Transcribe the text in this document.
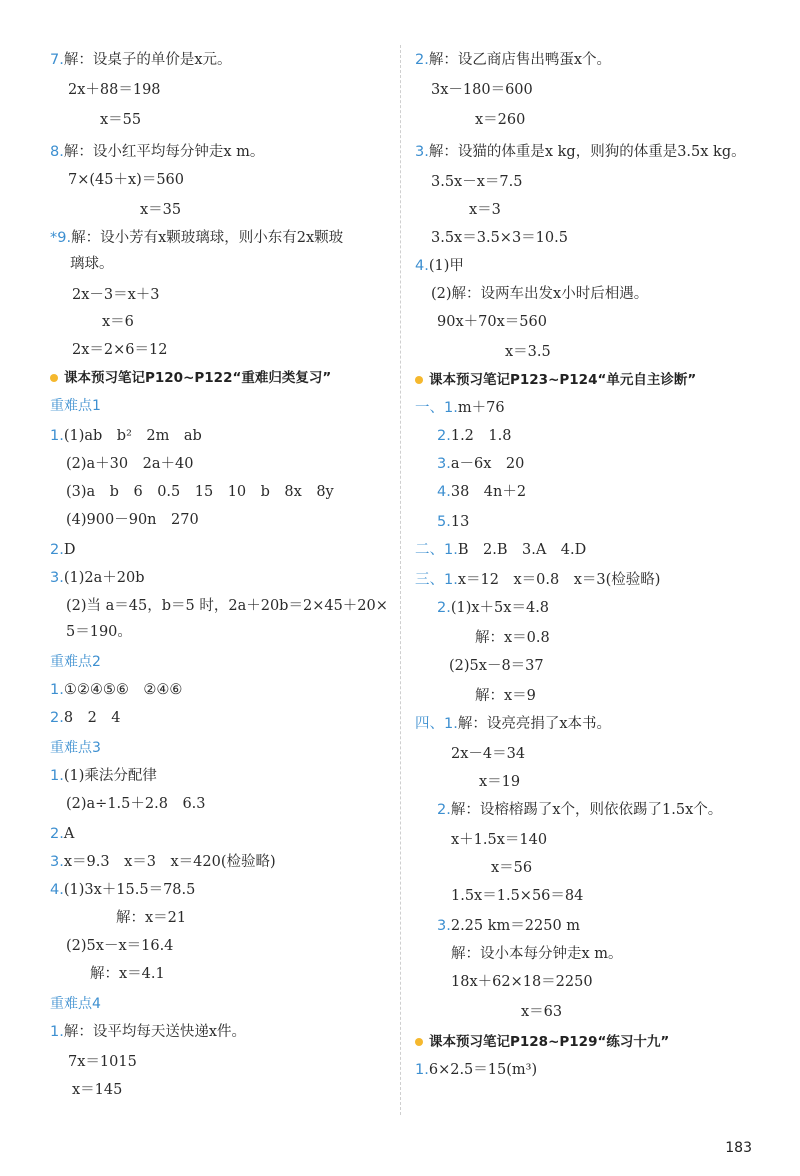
7.解：设桌子的单价是x元。
2x＋88＝198
x＝55
8.解：设小红平均每分钟走x m。
7×(45＋x)＝560
x＝35
*9.解：设小芳有x颗玻璃球，则小东有2x颗玻
璃球。
2x－3＝x＋3
x＝6
2x＝2×6＝12
课本预习笔记P120~P122“重难归类复习”
重难点1
1.(1)ab　b²　2m　ab
(2)a＋30　2a＋40
(3)a　b　6　0.5　15　10　b　8x　8y
(4)900－90n　270
2.D
3.(1)2a＋20b
(2)当 a＝45，b＝5 时，2a＋20b＝2×45＋20×
5＝190。
重难点2
1.①②④⑤⑥　②④⑥
2.8　2　4
重难点3
1.(1)乘法分配律
(2)a÷1.5＋2.8　6.3
2.A
3.x＝9.3　x＝3　x＝420(检验略)
4.(1)3x＋15.5＝78.5
解：x＝21
(2)5x－x＝16.4
解：x＝4.1
重难点4
1.解：设平均每天送快递x件。
7x＝1015
x＝145
2.解：设乙商店售出鸭蛋x个。
3x－180＝600
x＝260
3.解：设猫的体重是x kg，则狗的体重是3.5x kg。
3.5x－x＝7.5
x＝3
3.5x＝3.5×3＝10.5
4.(1)甲
(2)解：设两车出发x小时后相遇。
90x＋70x＝560
x＝3.5
课本预习笔记P123~P124“单元自主诊断”
一、1.m＋76
2.1.2　1.8
3.a－6x　20
4.38　4n＋2
5.13
二、1.B　2.B　3.A　4.D
三、1.x＝12　x＝0.8　x＝3(检验略)
2.(1)x＋5x＝4.8
解：x＝0.8
(2)5x－8＝37
解：x＝9
四、1.解：设亮亮捐了x本书。
2x－4＝34
x＝19
2.解：设榕榕踢了x个，则依依踢了1.5x个。
x＋1.5x＝140
x＝56
1.5x＝1.5×56＝84
3.2.25 km＝2250 m
解：设小本每分钟走x m。
18x＋62×18＝2250
x＝63
课本预习笔记P128~P129“练习十九”
1.6×2.5＝15(m³)
183
